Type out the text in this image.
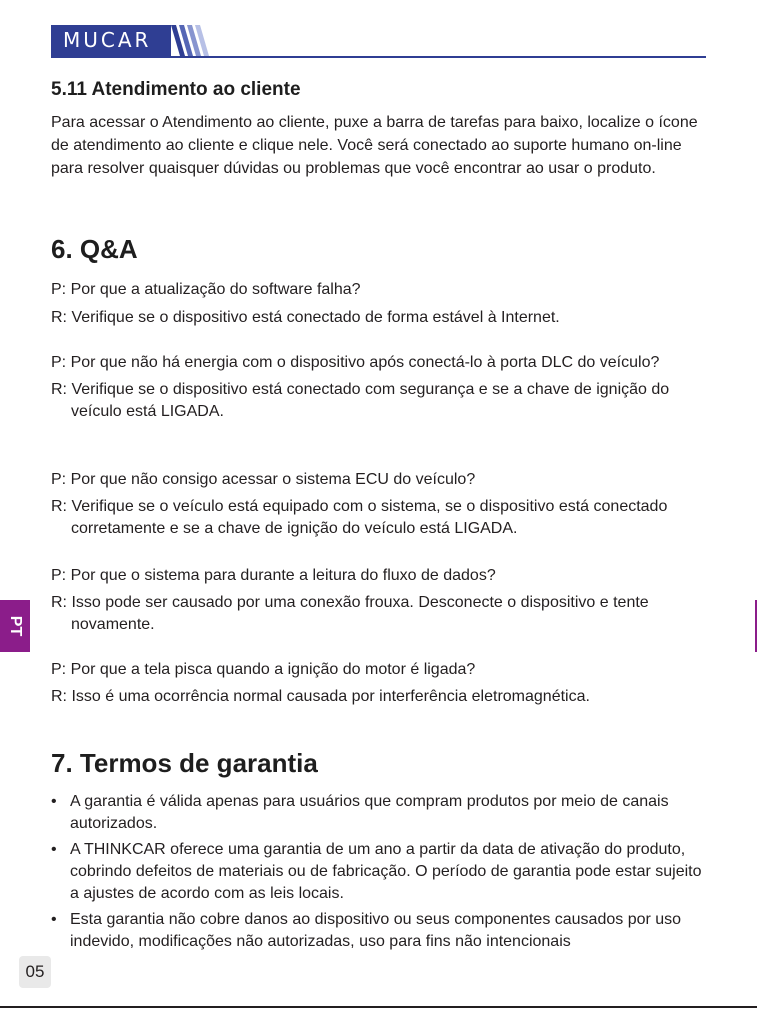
MUCAR
5.11 Atendimento ao cliente
Para acessar o Atendimento ao cliente, puxe a barra de tarefas para baixo, localize o ícone de atendimento ao cliente e clique nele. Você será conectado ao suporte humano on-line para resolver quaisquer dúvidas ou problemas que você encontrar ao usar o produto.
6. Q&A
P: Por que a atualização do software falha?
R: Verifique se o dispositivo está conectado de forma estável à Internet.
P: Por que não há energia com o dispositivo após conectá-lo à porta DLC do veículo?
R: Verifique se o dispositivo está conectado com segurança e se a chave de ignição do veículo está LIGADA.
P: Por que não consigo acessar o sistema ECU do veículo?
R: Verifique se o veículo está equipado com o sistema, se o dispositivo está conectado corretamente e se a chave de ignição do veículo está LIGADA.
P: Por que o sistema para durante a leitura do fluxo de dados?
R: Isso pode ser causado por uma conexão frouxa. Desconecte o dispositivo e tente novamente.
P: Por que a tela pisca quando a ignição do motor é ligada?
R: Isso é uma ocorrência normal causada por interferência eletromagnética.
7. Termos de garantia
• A garantia é válida apenas para usuários que compram produtos por meio de canais autorizados.
• A THINKCAR oferece uma garantia de um ano a partir da data de ativação do produto, cobrindo defeitos de materiais ou de fabricação. O período de garantia pode estar sujeito a ajustes de acordo com as leis locais.
• Esta garantia não cobre danos ao dispositivo ou seus componentes causados por uso indevido, modificações não autorizadas, uso para fins não intencionais
PT
05
